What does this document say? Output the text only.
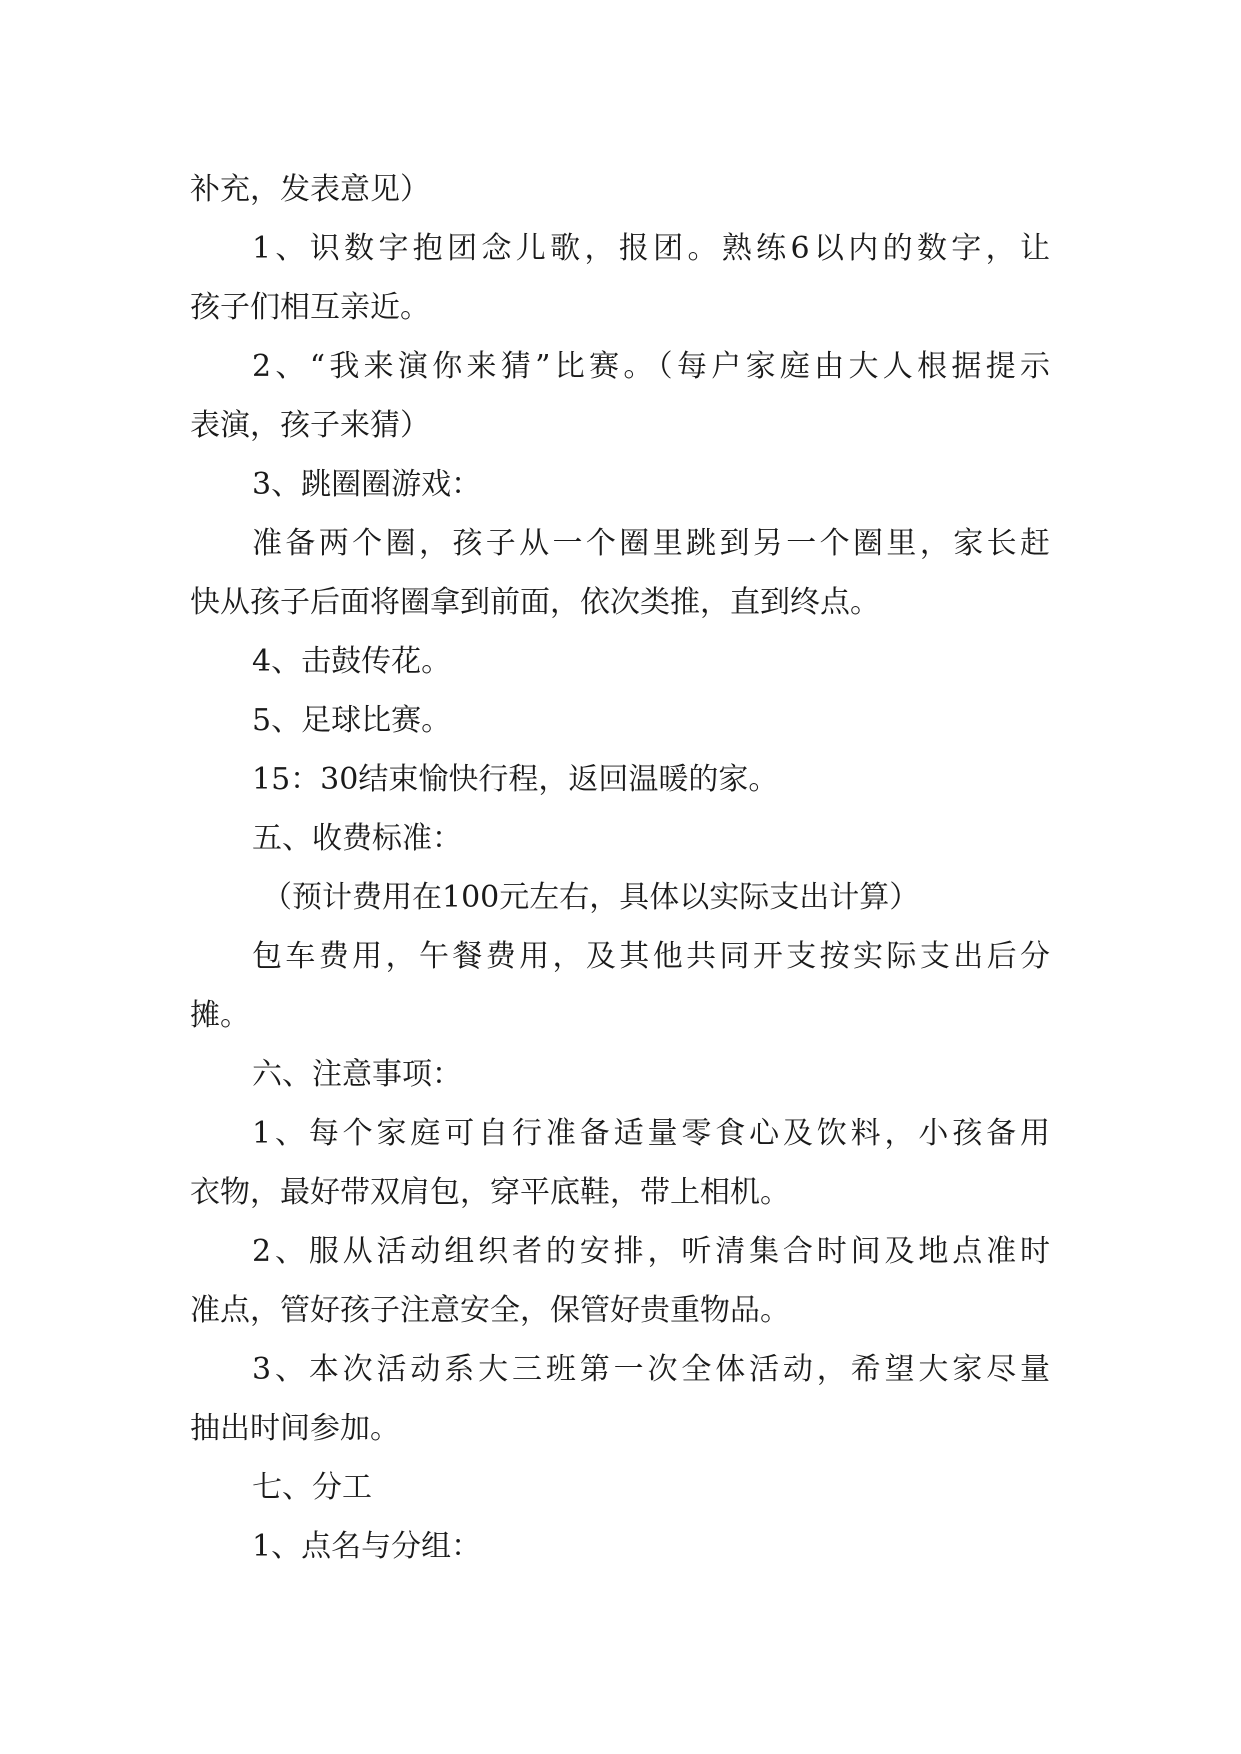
补充，发表意见）
1、识数字抱团念儿歌，报团。熟练6以内的数字，让
孩子们相互亲近。
2、“我来演你来猜”比赛。（每户家庭由大人根据提示
表演，孩子来猜）
3、跳圈圈游戏：
准备两个圈，孩子从一个圈里跳到另一个圈里，家长赶
快从孩子后面将圈拿到前面，依次类推，直到终点。
4、击鼓传花。
5、足球比赛。
15：30结束愉快行程，返回温暖的家。
五、收费标准：
（预计费用在100元左右，具体以实际支出计算）
包车费用，午餐费用，及其他共同开支按实际支出后分
摊。
六、注意事项：
1、每个家庭可自行准备适量零食心及饮料，小孩备用
衣物，最好带双肩包，穿平底鞋，带上相机。
2、服从活动组织者的安排，听清集合时间及地点准时
准点，管好孩子注意安全，保管好贵重物品。
3、本次活动系大三班第一次全体活动，希望大家尽量
抽出时间参加。
七、分工
1、点名与分组：
